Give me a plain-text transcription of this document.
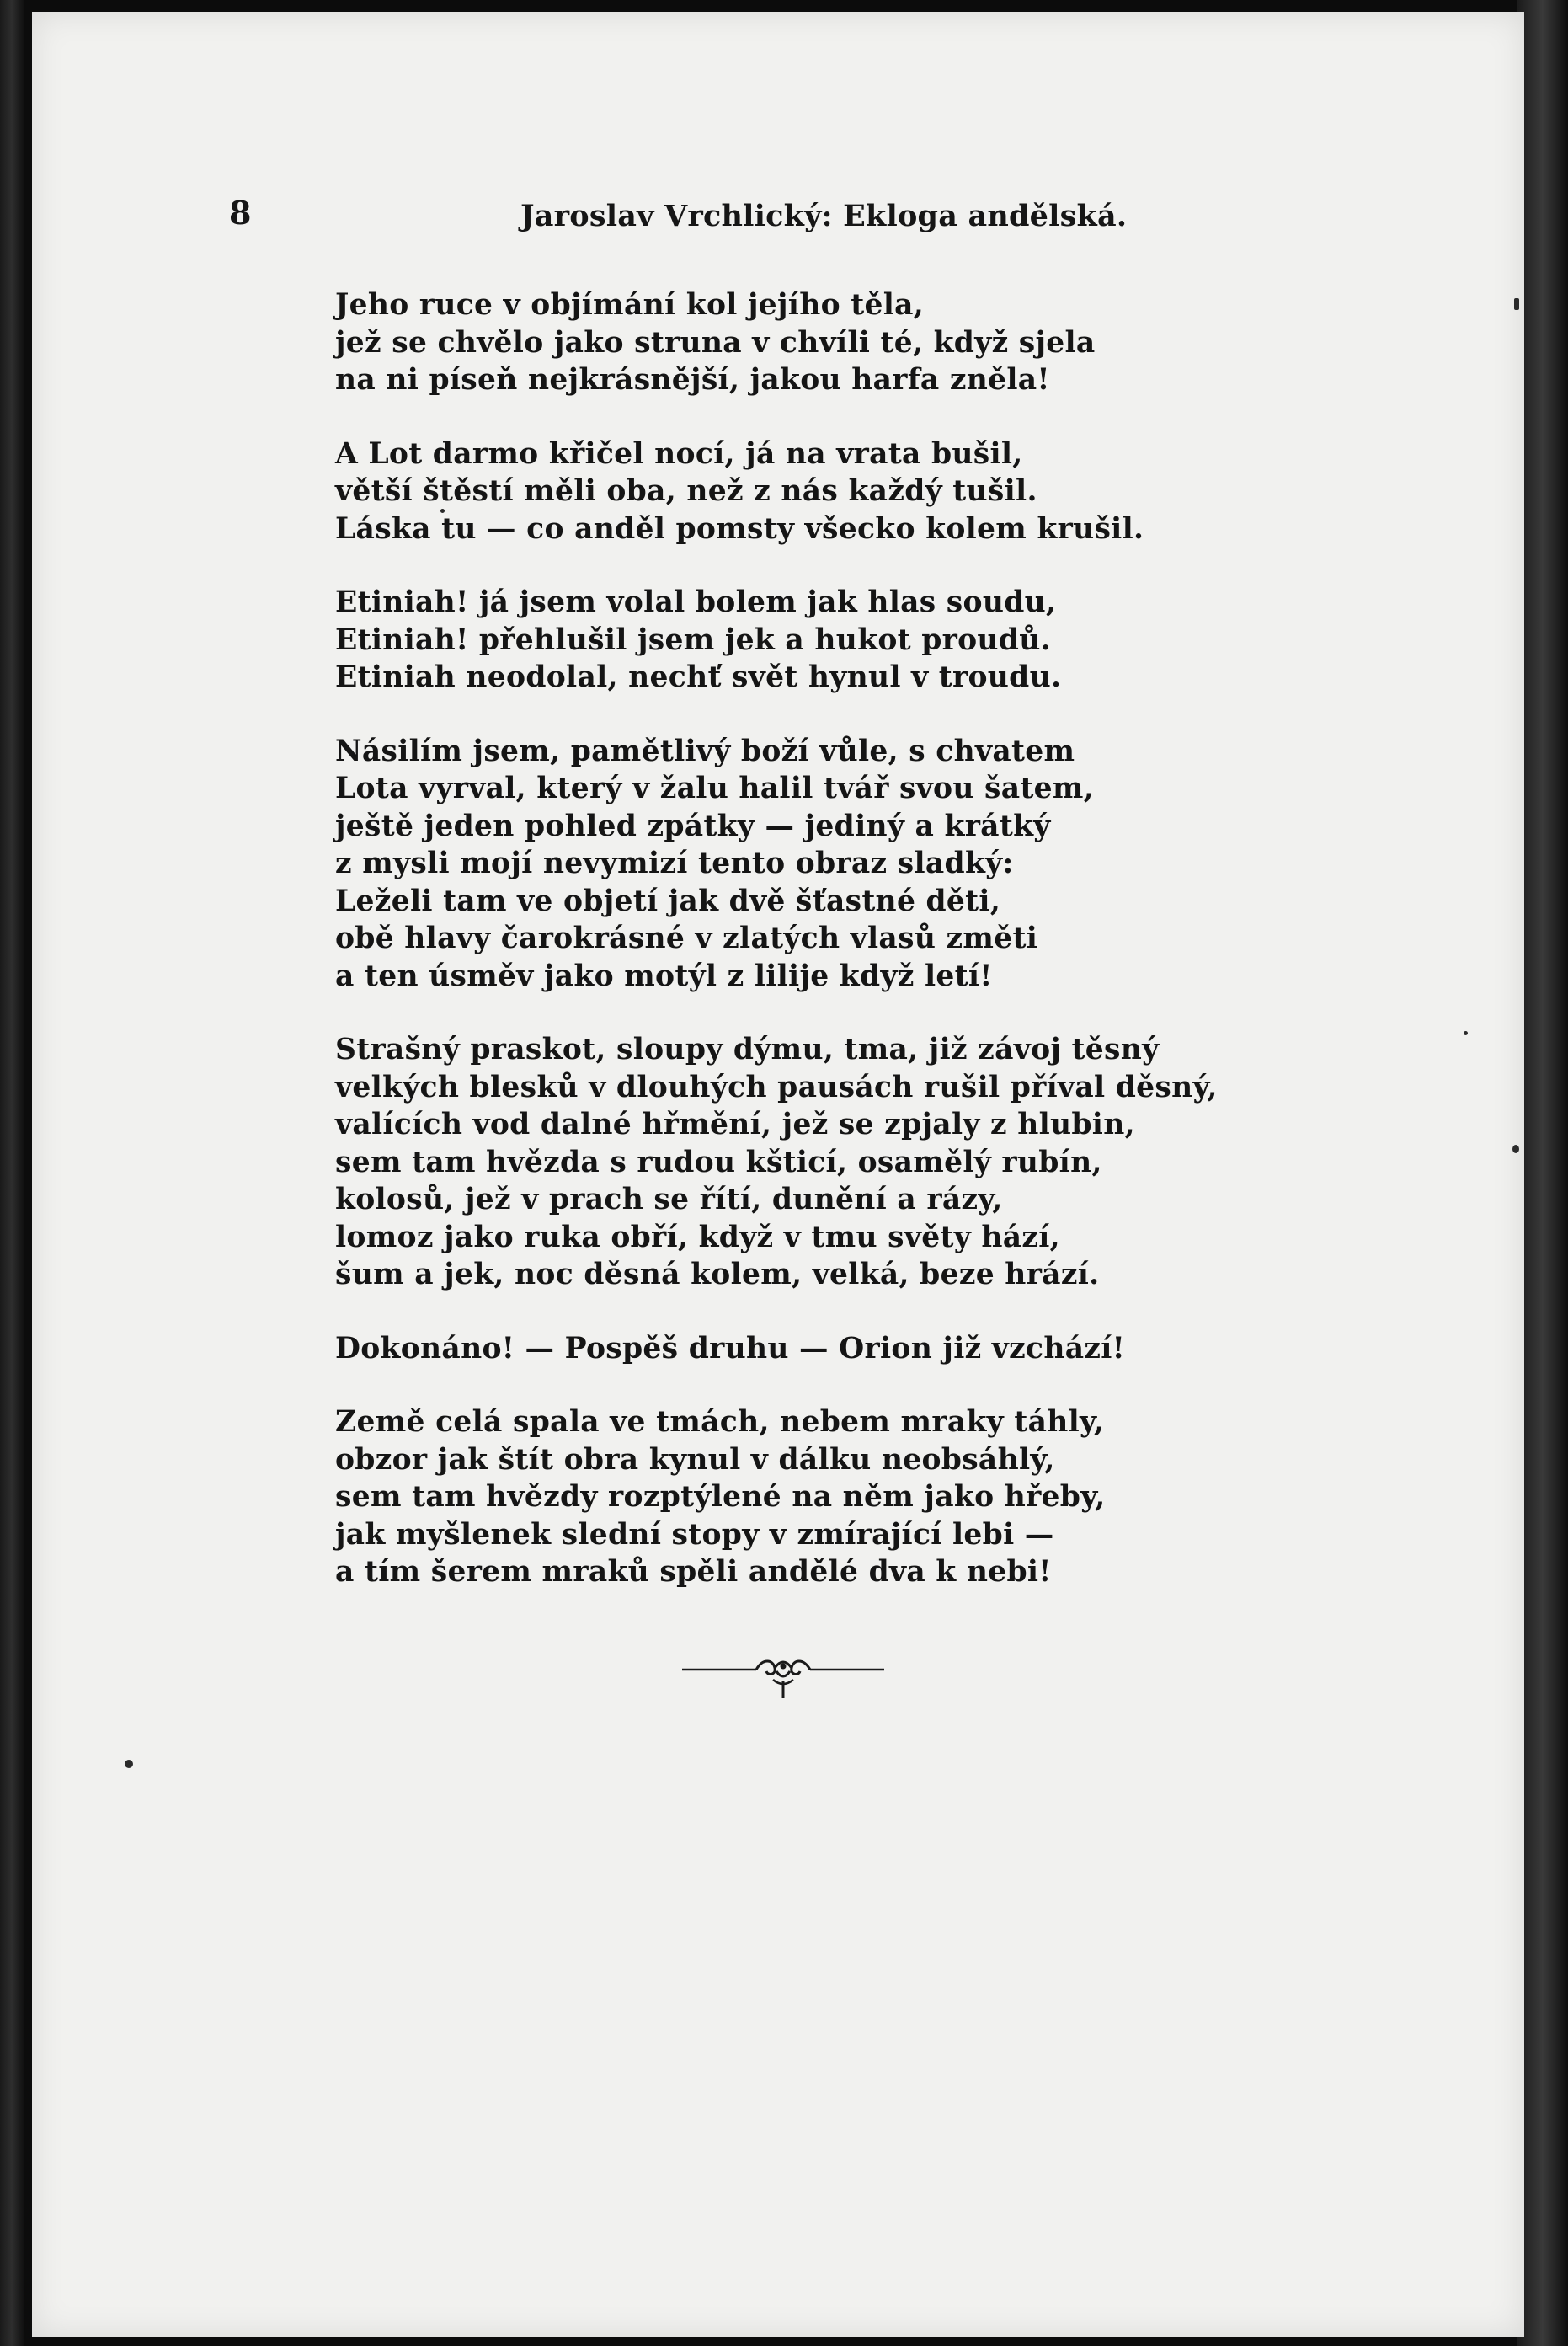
8	Jaroslav Vrchlický: Ekloga andělská.
Jeho ruce v objímání kol jejího těla,
jež se chvělo jako struna v chvíli té, když sjela
na ni píseň nejkrásnější, jakou harfa zněla!
A Lot darmo křičel nocí, já na vrata bušil,
větší štěstí měli oba, než z nás každý tušil.
Láska tu — co anděl pomsty všecko kolem krušil.
Etiniah! já jsem volal bolem jak hlas soudu,
Etiniah! přehlušil jsem jek a hukot proudů.
Etiniah neodolal, nechť svět hynul v troudu.
Násilím jsem, pamětlivý boží vůle, s chvatem
Lota vyrval, který v žalu halil tvář svou šatem,
ještě jeden pohled zpátky — jediný a krátký
z mysli mojí nevymizí tento obraz sladký:
Leželi tam ve objetí jak dvě šťastné děti,
obě hlavy čarokrásné v zlatých vlasů změti
a ten úsměv jako motýl z lilije když letí!
Strašný praskot, sloupy dýmu, tma, již závoj těsný
velkých blesků v dlouhých pausách rušil příval děsný,
valících vod dalné hřmění, jež se zpjaly z hlubin,
sem tam hvězda s rudou kšticí, osamělý rubín,
kolosů, jež v prach se řítí, dunění a rázy,
lomoz jako ruka obří, když v tmu světy hází,
šum a jek, noc děsná kolem, velká, beze hrází.
Dokonáno! — Pospěš druhu — Orion již vzchází!
Země celá spala ve tmách, nebem mraky táhly,
obzor jak štít obra kynul v dálku neobsáhlý,
sem tam hvězdy rozptýlené na něm jako hřeby,
jak myšlenek slední stopy v zmírající lebi —
a tím šerem mraků spěli andělé dva k nebi!
